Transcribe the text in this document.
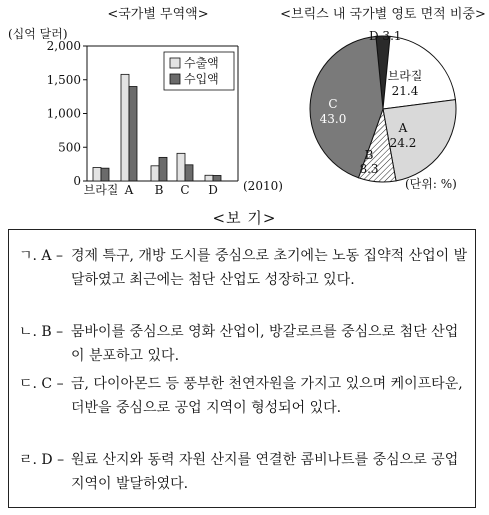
<국가별 무역액>
(십억 달러)
0
500
1,000
1,500
2,000
브라질 A B C D (2010)
수출액
수입액
<브릭스 내 국가별 영토 면적 비중>
D 3.1
브라질
21.4
A
24.2
B
8.3
C
43.0
(단위: %)
<보 기>
ㄱ. A – 경제 특구, 개방 도시를 중심으로 초기에는 노동 집약적 산업이 발달하였고 최근에는 첨단 산업도 성장하고 있다.
ㄴ. B – 뭄바이를 중심으로 영화 산업이, 방갈로르를 중심으로 첨단 산업이 분포하고 있다.
ㄷ. C – 금, 다이아몬드 등 풍부한 천연자원을 가지고 있으며 케이프타운, 더반을 중심으로 공업 지역이 형성되어 있다.
ㄹ. D – 원료 산지와 동력 자원 산지를 연결한 콤비나트를 중심으로 공업 지역이 발달하였다.
